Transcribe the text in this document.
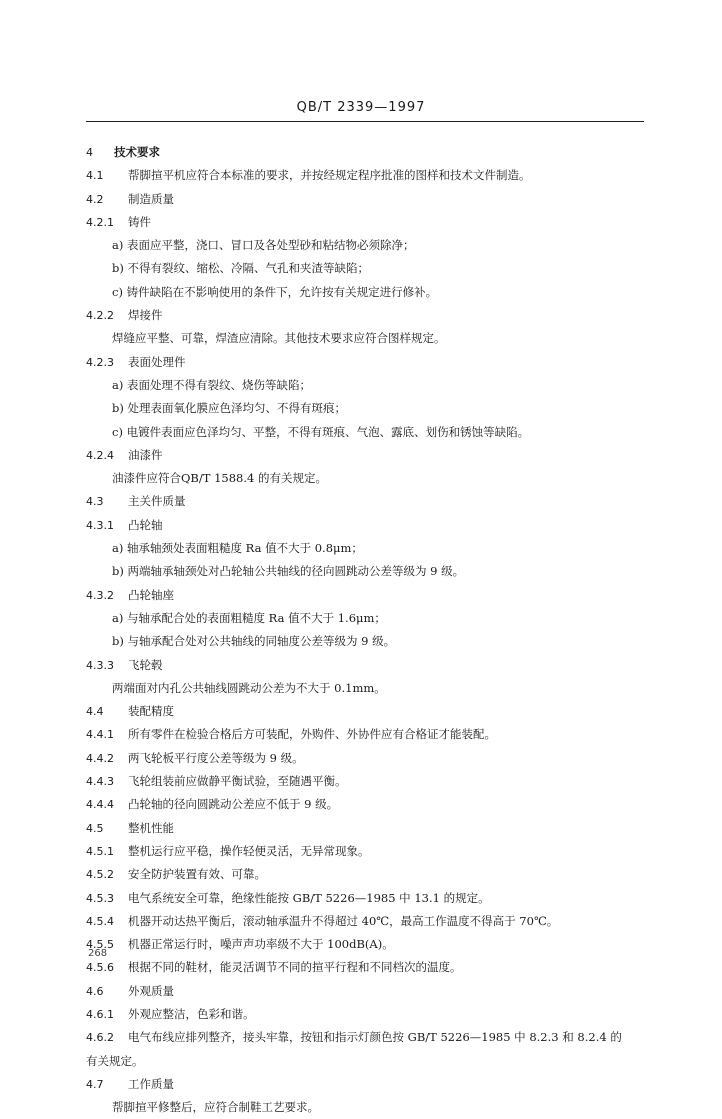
QB/T 2339—1997
4 技术要求
4.1 帮脚揎平机应符合本标准的要求，并按经规定程序批准的图样和技术文件制造。
4.2 制造质量
4.2.1 铸件
a) 表面应平整，浇口、冒口及各处型砂和粘结物必须除净；
b) 不得有裂纹、缩松、冷隔、气孔和夹渣等缺陷；
c) 铸件缺陷在不影响使用的条件下，允许按有关规定进行修补。
4.2.2 焊接件
焊缝应平整、可靠，焊渣应清除。其他技术要求应符合图样规定。
4.2.3 表面处理件
a) 表面处理不得有裂纹、烧伤等缺陷；
b) 处理表面氧化膜应色泽均匀、不得有斑痕；
c) 电镀件表面应色泽均匀、平整，不得有斑痕、气泡、露底、划伤和锈蚀等缺陷。
4.2.4 油漆件
油漆件应符合QB/T 1588.4 的有关规定。
4.3 主关件质量
4.3.1 凸轮轴
a) 轴承轴颈处表面粗糙度 Ra 值不大于 0.8μm；
b) 两端轴承轴颈处对凸轮轴公共轴线的径向圆跳动公差等级为 9 级。
4.3.2 凸轮轴座
a) 与轴承配合处的表面粗糙度 Ra 值不大于 1.6μm；
b) 与轴承配合处对公共轴线的同轴度公差等级为 9 级。
4.3.3 飞轮毂
两端面对内孔公共轴线圆跳动公差为不大于 0.1mm。
4.4 装配精度
4.4.1 所有零件在检验合格后方可装配，外购件、外协件应有合格证才能装配。
4.4.2 两飞轮板平行度公差等级为 9 级。
4.4.3 飞轮组装前应做静平衡试验，至随遇平衡。
4.4.4 凸轮轴的径向圆跳动公差应不低于 9 级。
4.5 整机性能
4.5.1 整机运行应平稳，操作轻便灵活，无异常现象。
4.5.2 安全防护装置有效、可靠。
4.5.3 电气系统安全可靠，绝缘性能按 GB/T 5226—1985 中 13.1 的规定。
4.5.4 机器开动达热平衡后，滚动轴承温升不得超过 40℃，最高工作温度不得高于 70℃。
4.5.5 机器正常运行时，噪声声功率级不大于 100dB(A)。
4.5.6 根据不同的鞋材，能灵活调节不同的揎平行程和不同档次的温度。
4.6 外观质量
4.6.1 外观应整洁，色彩和谐。
4.6.2 电气布线应排列整齐，接头牢靠，按钮和指示灯颜色按 GB/T 5226—1985 中 8.2.3 和 8.2.4 的
有关规定。
4.7 工作质量
帮脚揎平修整后，应符合制鞋工艺要求。
268
